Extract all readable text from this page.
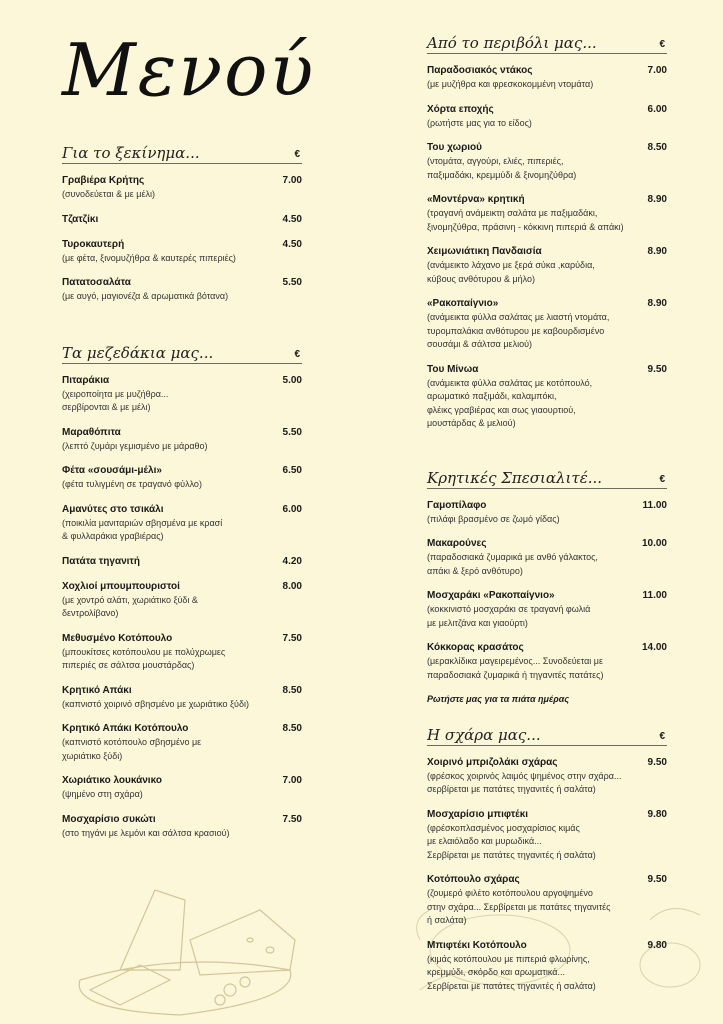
Μενού
Για το ξεκίνημα...	€
Γραβιέρα Κρήτης	7.00
(συνοδεύεται & με μέλι)
Τζατζίκι	4.50
Τυροκαυτερή	4.50
(με φέτα, ξινομυζήθρα & καυτερές πιπεριές)
Πατατοσαλάτα	5.50
(με αυγό, μαγιονέζα & αρωματικά βότανα)
Τα μεζεδάκια μας...	€
Πιταράκια	5.00
(χειροποίητα με μυζήθρα...
σερβίρονται & με μέλι)
Μαραθόπιτα	5.50
(λεπτό ζυμάρι γεμισμένο με μάραθο)
Φέτα «σουσάμι-μέλι»	6.50
(φέτα τυλιγμένη σε τραγανό φύλλο)
Αμανύτες στο τσικάλι	6.00
(ποικιλία μανιταριών σβησμένα με κρασί
& φυλλαράκια γραβιέρας)
Πατάτα τηγανιτή	4.20
Χοχλιοί μπουμπουριστοί	8.00
(με χοντρό αλάτι, χωριάτικο ξύδι &
δεντρολίβανο)
Μεθυσμένο Κοτόπουλο	7.50
(μπουκίτσες κοτόπουλου με πολύχρωμες
πιπεριές σε σάλτσα μουστάρδας)
Κρητικό Απάκι	8.50
(καπνιστό χοιρινό σβησμένο με χωριάτικο ξύδι)
Κρητικό Απάκι Κοτόπουλο	8.50
(καπνιστό κοτόπουλο σβησμένο με
χωριάτικο ξύδι)
Χωριάτικο λουκάνικο	7.00
(ψημένο στη σχάρα)
Μοσχαρίσιο συκώτι	7.50
(στο τηγάνι με λεμόνι και σάλτσα κρασιού)
Από το περιβόλι μας...	€
Παραδοσιακός ντάκος	7.00
(με μυζήθρα και φρεσκοκομμένη ντομάτα)
Χόρτα εποχής	6.00
(ρωτήστε μας για το είδος)
Του χωριού	8.50
(ντομάτα, αγγούρι, ελιές, πιπεριές,
παξιμαδάκι, κρεμμύδι & ξινομηζύθρα)
«Μοντέρνα» κρητική	8.90
(τραγανή ανάμεικτη σαλάτα με παξιμαδάκι,
ξινομηζύθρα, πράσινη - κόκκινη πιπεριά & απάκι)
Χειμωνιάτικη Πανδαισία	8.90
(ανάμεικτο λάχανο με ξερά σύκα ,καρύδια,
κύβους ανθότυρου & μήλο)
«Ρακοπαίγνιο»	8.90
(ανάμεικτα φύλλα σαλάτας με λιαστή ντομάτα,
τυρομπαλάκια ανθότυρου με καβουρδισμένο
σουσάμι & σάλτσα μελιού)
Του Μίνωα	9.50
(ανάμεικτα φύλλα σαλάτας με κοτόπουλό,
αρωματικό παξιμάδι, καλαμπόκι,
φλέικς γραβιέρας και σως γιαουρτιού,
μουστάρδας & μελιού)
Κρητικές Σπεσιαλιτέ...	€
Γαμοπίλαφο	11.00
(πιλάφι βρασμένο σε ζωμό γίδας)
Μακαρούνες	10.00
(παραδοσιακά ζυμαρικά με ανθό γάλακτος,
απάκι & ξερό ανθότυρο)
Μοσχαράκι «Ρακοπαίγνιο»	11.00
(κοκκινιστό μοσχαράκι σε τραγανή φωλιά
με μελιτζάνα και γιαούρτι)
Κόκκορας κρασάτος	14.00
(μερακλίδικα μαγειρεμένος... Συνοδεύεται με
παραδοσιακά ζυμαρικά ή τηγανιτές πατάτες)
Ρωτήστε μας για τα πιάτα ημέρας
Η σχάρα μας...	€
Χοιρινό μπριζολάκι σχάρας	9.50
(φρέσκος χοιρινός λαιμός ψημένος στην σχάρα...
σερβίρεται με πατάτες τηγανιτές ή σαλάτα)
Μοσχαρίσιο μπιφτέκι	9.80
(φρέσκοπλασμένος μοσχαρίσιος κιμάς
με ελαιόλαδο και μυρωδικά...
Σερβίρεται με πατάτες τηγανιτές ή σαλάτα)
Κοτόπουλο σχάρας	9.50
(ζουμερό φιλέτο κοτόπουλου αργοψημένο
στην σχάρα... Σερβίρεται με πατάτες τηγανιτές
ή σαλάτα)
Μπιφτέκι Κοτόπουλο	9.80
(κιμάς κοτόπουλου με πιπεριά φλωρίνης,
κρεμμύδι, σκόρδο και αρωματικά...
Σερβίρεται με πατάτες τηγανιτές ή σαλάτα)
